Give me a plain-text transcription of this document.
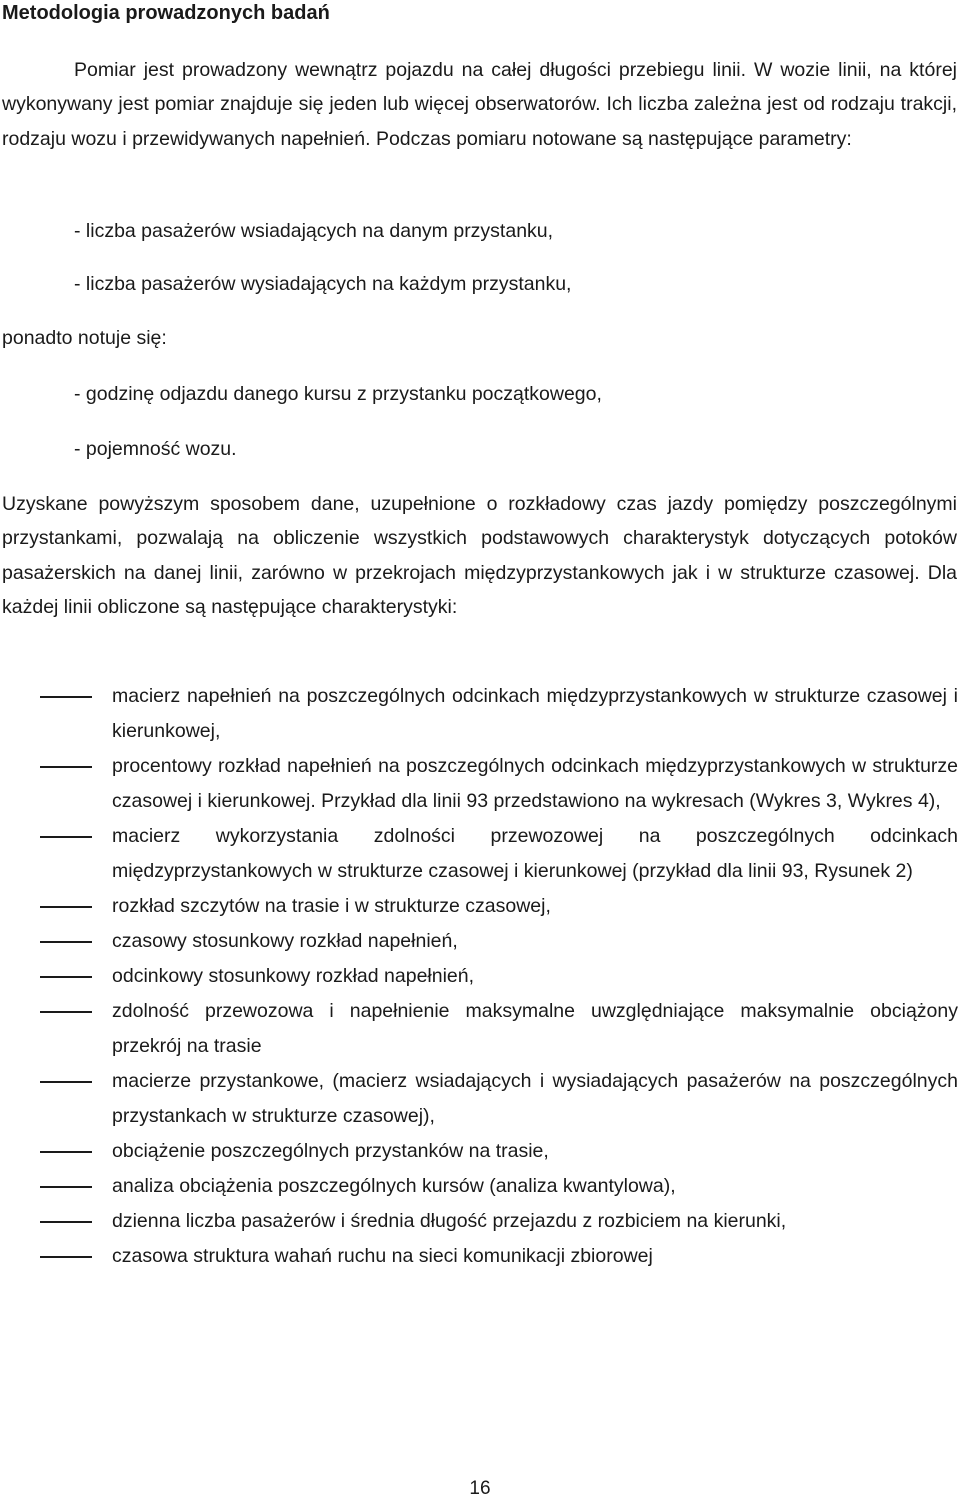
Metodologia prowadzonych badań
Pomiar jest prowadzony wewnątrz pojazdu na całej długości przebiegu linii. W wozie linii, na której wykonywany jest pomiar znajduje się jeden lub więcej obserwatorów. Ich liczba zależna jest od rodzaju trakcji, rodzaju wozu i przewidywanych napełnień. Podczas pomiaru notowane są następujące parametry:
- liczba pasażerów wsiadających na danym przystanku,
- liczba pasażerów wysiadających na każdym przystanku,
ponadto notuje się:
- godzinę odjazdu danego kursu z przystanku początkowego,
- pojemność wozu.
Uzyskane powyższym sposobem dane, uzupełnione o rozkładowy czas jazdy pomiędzy poszczególnymi przystankami, pozwalają na obliczenie wszystkich podstawowych charakterystyk dotyczących potoków pasażerskich na danej linii, zarówno w przekrojach międzyprzystankowych jak i w strukturze czasowej. Dla każdej linii obliczone są następujące charakterystyki:
macierz napełnień na poszczególnych odcinkach międzyprzystankowych w strukturze czasowej i kierunkowej,
procentowy rozkład napełnień na poszczególnych odcinkach międzyprzystankowych w strukturze czasowej i kierunkowej. Przykład dla linii 93 przedstawiono na wykresach (Wykres 3, Wykres 4),
macierz wykorzystania zdolności przewozowej na poszczególnych odcinkach międzyprzystankowych w strukturze czasowej i kierunkowej (przykład dla linii 93, Rysunek 2)
rozkład szczytów na trasie i w strukturze czasowej,
czasowy stosunkowy rozkład napełnień,
odcinkowy stosunkowy rozkład napełnień,
zdolność przewozowa i napełnienie maksymalne uwzględniające maksymalnie obciążony przekrój na trasie
macierze przystankowe, (macierz wsiadających i wysiadających pasażerów na poszczególnych przystankach w strukturze czasowej),
obciążenie poszczególnych przystanków na trasie,
analiza obciążenia poszczególnych kursów (analiza kwantylowa),
dzienna liczba pasażerów i średnia długość przejazdu z rozbiciem na kierunki,
czasowa struktura wahań ruchu na sieci komunikacji zbiorowej
16
